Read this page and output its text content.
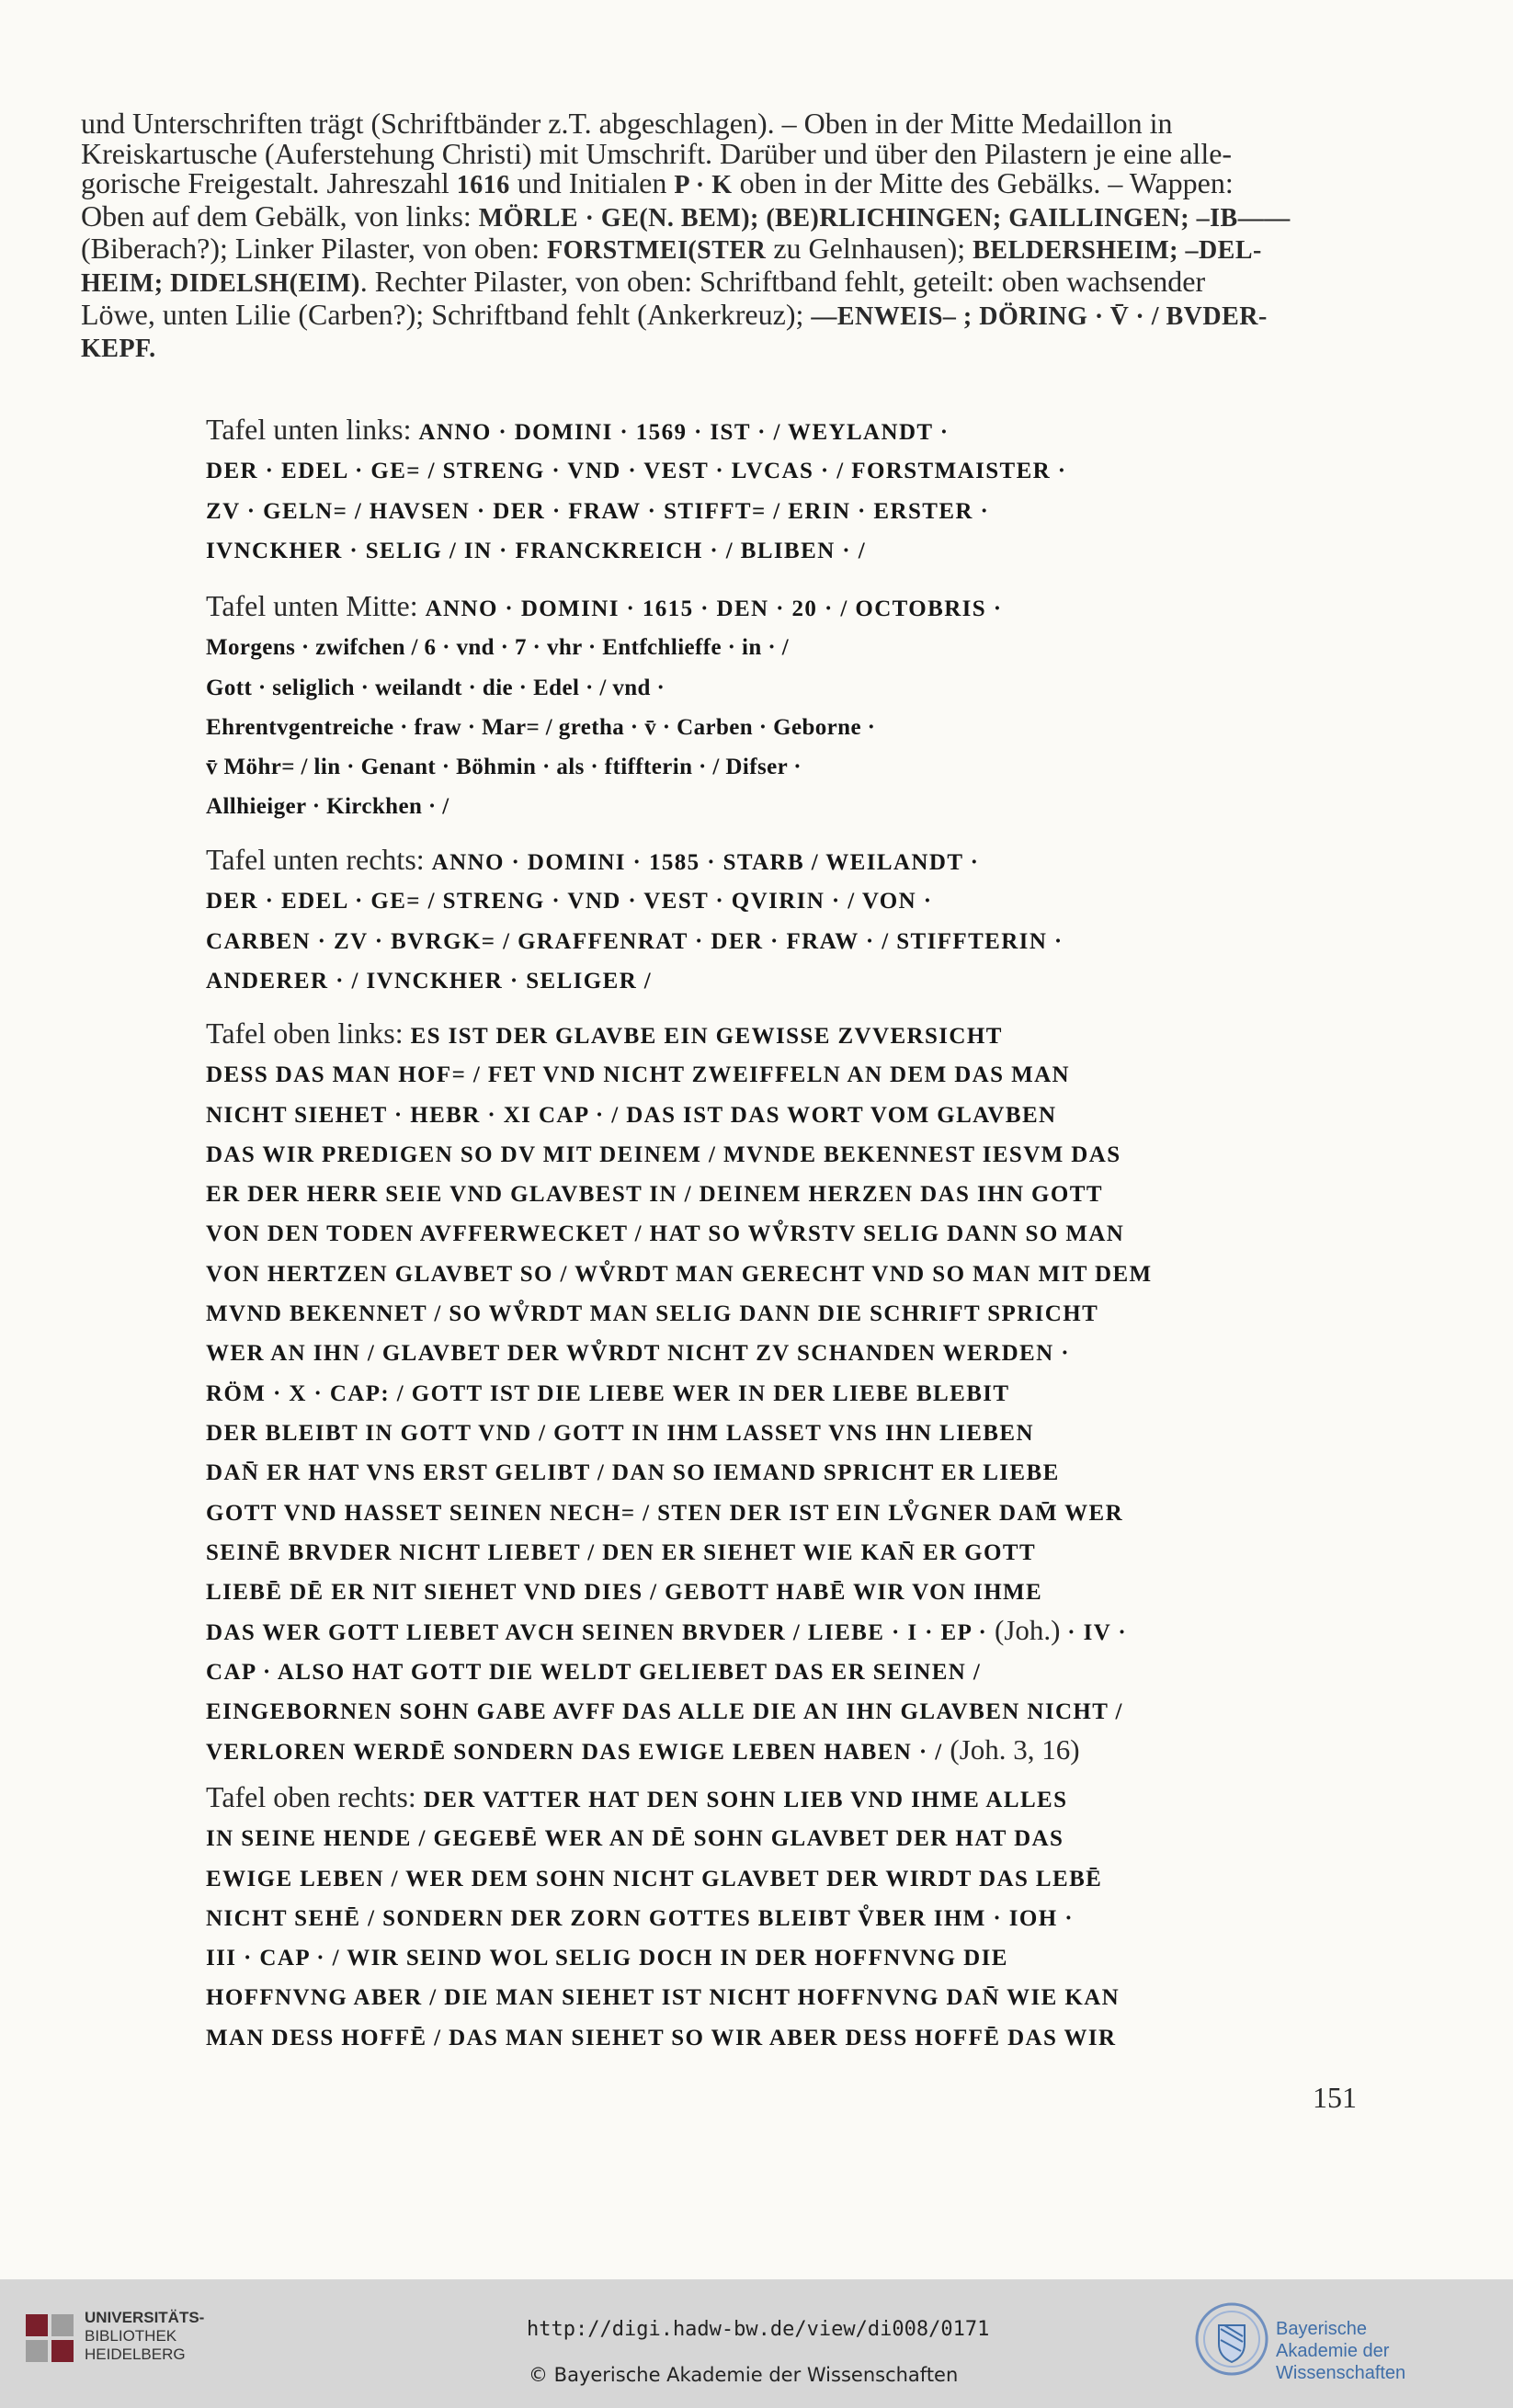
und Unterschriften trägt (Schriftbänder z.T. abgeschlagen). – Oben in der Mitte Medaillon in
Kreiskartusche (Auferstehung Christi) mit Umschrift. Darüber und über den Pilastern je eine alle-
gorische Freigestalt. Jahreszahl 1616 und Initialen P · K oben in der Mitte des Gebälks. – Wappen:
Oben auf dem Gebälk, von links: MÖRLE · GE(N. BEM); (BE)RLICHINGEN; GAILLINGEN; –IB——
(Biberach?); Linker Pilaster, von oben: FORSTMEI(STER zu Gelnhausen); BELDERSHEIM; –DEL-
HEIM; DIDELSH(EIM). Rechter Pilaster, von oben: Schriftband fehlt, geteilt: oben wachsender
Löwe, unten Lilie (Carben?); Schriftband fehlt (Ankerkreuz); —ENWEIS– ; DÖRING · V̄ · / BVDER-
KEPF.
Tafel unten links: ANNO · DOMINI · 1569 · IST · / WEYLANDT ·
DER · EDEL · GE= / STRENG · VND · VEST · LVCAS · / FORSTMAISTER ·
ZV · GELN= / HAVSEN · DER · FRAW · STIFFT= / ERIN · ERSTER ·
IVNCKHER · SELIG / IN · FRANCKREICH · / BLIBEN · /
Tafel unten Mitte: ANNO · DOMINI · 1615 · DEN · 20 · / OCTOBRIS ·
Morgens · zwifchen / 6 · vnd · 7 · vhr · Entfchlieffe · in · /
Gott · seliglich · weilandt · die · Edel · / vnd ·
Ehrentvgentreiche · fraw · Mar= / gretha · v̄ · Carben · Geborne ·
v̄ Möhr= / lin · Genant · Böhmin · als · ftiffterin · / Difser ·
Allhieiger · Kirckhen · /
Tafel unten rechts: ANNO · DOMINI · 1585 · STARB / WEILANDT ·
DER · EDEL · GE= / STRENG · VND · VEST · QVIRIN · / VON ·
CARBEN · ZV · BVRGK= / GRAFFENRAT · DER · FRAW · / STIFFTERIN ·
ANDERER · / IVNCKHER · SELIGER /
Tafel oben links: ES IST DER GLAVBE EIN GEWISSE ZVVERSICHT
DESS DAS MAN HOF= / FET VND NICHT ZWEIFFELN AN DEM DAS MAN
NICHT SIEHET · HEBR · XI CAP · / DAS IST DAS WORT VOM GLAVBEN
DAS WIR PREDIGEN SO DV MIT DEINEM / MVNDE BEKENNEST IESVM DAS
ER DER HERR SEIE VND GLAVBEST IN / DEINEM HERZEN DAS IHN GOTT
VON DEN TODEN AVFFERWECKET / HAT SO WV̊RSTV SELIG DANN SO MAN
VON HERTZEN GLAVBET SO / WV̊RDT MAN GERECHT VND SO MAN MIT DEM
MVND BEKENNET / SO WV̊RDT MAN SELIG DANN DIE SCHRIFT SPRICHT
WER AN IHN / GLAVBET DER WV̊RDT NICHT ZV SCHANDEN WERDEN ·
RÖM · X · CAP: / GOTT IST DIE LIEBE WER IN DER LIEBE BLEBIT
DER BLEIBT IN GOTT VND / GOTT IN IHM LASSET VNS IHN LIEBEN
DAN̄ ER HAT VNS ERST GELIBT / DAN SO IEMAND SPRICHT ER LIEBE
GOTT VND HASSET SEINEN NECH= / STEN DER IST EIN LV̊GNER DAM̄ WER
SEINĒ BRVDER NICHT LIEBET / DEN ER SIEHET WIE KAN̄ ER GOTT
LIEBĒ DĒ ER NIT SIEHET VND DIES / GEBOTT HABĒ WIR VON IHME
DAS WER GOTT LIEBET AVCH SEINEN BRVDER / LIEBE · I · EP · (Joh.) · IV ·
CAP · ALSO HAT GOTT DIE WELDT GELIEBET DAS ER SEINEN /
EINGEBORNEN SOHN GABE AVFF DAS ALLE DIE AN IHN GLAVBEN NICHT /
VERLOREN WERDĒ SONDERN DAS EWIGE LEBEN HABEN · / (Joh. 3, 16)
Tafel oben rechts: DER VATTER HAT DEN SOHN LIEB VND IHME ALLES
IN SEINE HENDE / GEGEBĒ WER AN DĒ SOHN GLAVBET DER HAT DAS
EWIGE LEBEN / WER DEM SOHN NICHT GLAVBET DER WIRDT DAS LEBĒ
NICHT SEHĒ / SONDERN DER ZORN GOTTES BLEIBT V̊BER IHM · IOH ·
III · CAP · / WIR SEIND WOL SELIG DOCH IN DER HOFFNVNG DIE
HOFFNVNG ABER / DIE MAN SIEHET IST NICHT HOFFNVNG DAN̄ WIE KAN
MAN DESS HOFFĒ / DAS MAN SIEHET SO WIR ABER DESS HOFFĒ DAS WIR
151
UNIVERSITÄTS-
BIBLIOTHEK
HEIDELBERG
http://digi.hadw-bw.de/view/di008/0171
© Bayerische Akademie der Wissenschaften
Bayerische
Akademie der Wissenschaften
